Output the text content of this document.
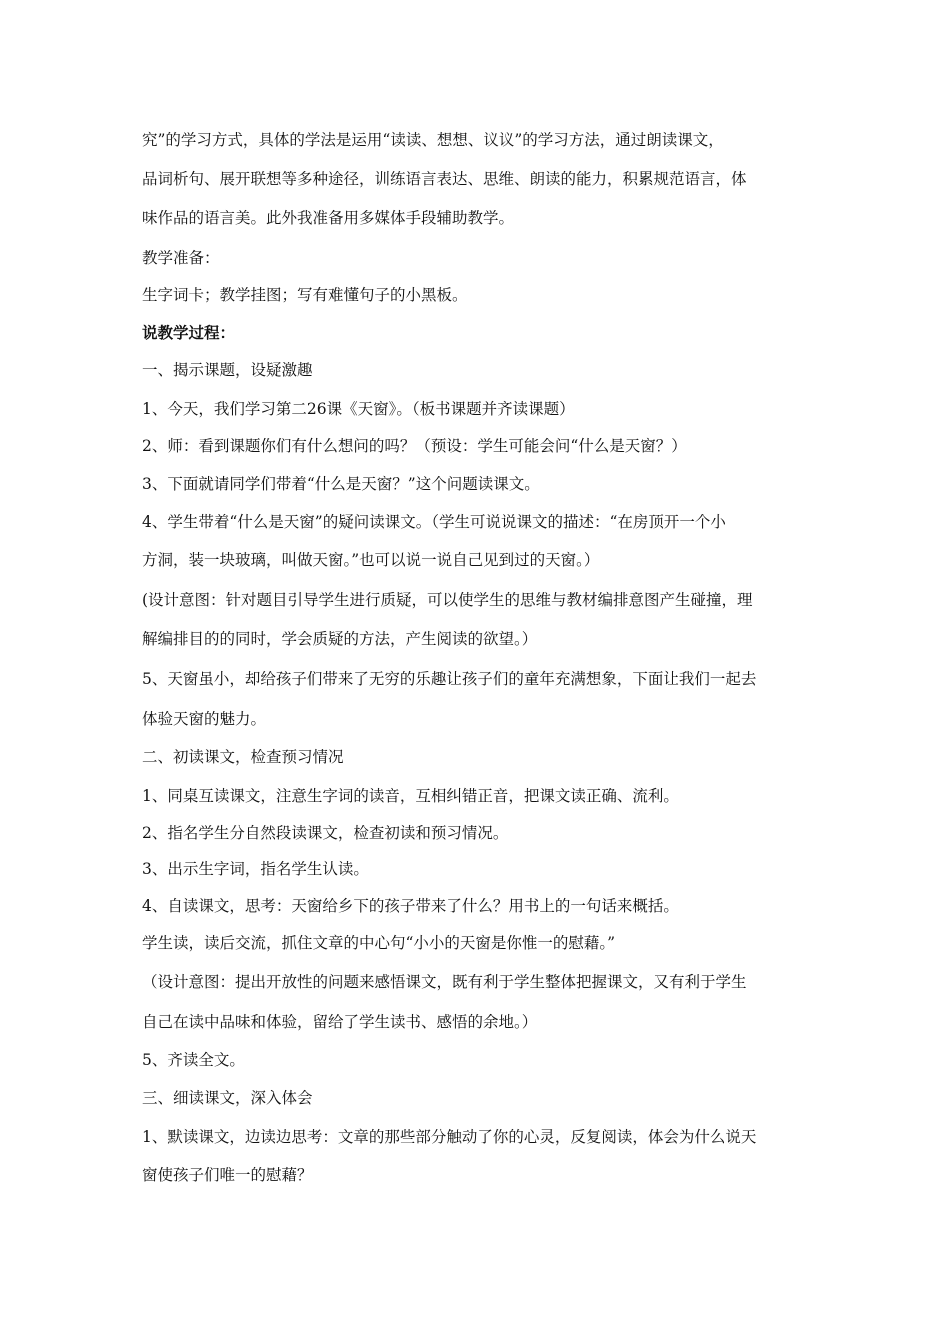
究”的学习方式，具体的学法是运用“读读、想想、议议”的学习方法，通过朗读课文，
品词析句、展开联想等多种途径，训练语言表达、思维、朗读的能力，积累规范语言，体
味作品的语言美。此外我准备用多媒体手段辅助教学。
教学准备：
生字词卡；教学挂图；写有难懂句子的小黑板。
说教学过程：
一、揭示课题，设疑激趣
1、今天，我们学习第二26课《天窗》。（板书课题并齐读课题）
2、师：看到课题你们有什么想问的吗？（预设：学生可能会问“什么是天窗？）
3、下面就请同学们带着“什么是天窗？”这个问题读课文。
4、学生带着“什么是天窗”的疑问读课文。（学生可说说课文的描述：“在房顶开一个小
方洞，装一块玻璃，叫做天窗。”也可以说一说自己见到过的天窗。）
(设计意图：针对题目引导学生进行质疑，可以使学生的思维与教材编排意图产生碰撞，理
解编排目的的同时，学会质疑的方法，产生阅读的欲望。）
5、天窗虽小，却给孩子们带来了无穷的乐趣让孩子们的童年充满想象，下面让我们一起去
体验天窗的魅力。
二、初读课文，检查预习情况
1、同桌互读课文，注意生字词的读音，互相纠错正音，把课文读正确、流利。
2、指名学生分自然段读课文，检查初读和预习情况。
3、出示生字词，指名学生认读。
4、自读课文，思考：天窗给乡下的孩子带来了什么？用书上的一句话来概括。
学生读，读后交流，抓住文章的中心句“小小的天窗是你惟一的慰藉。”
（设计意图：提出开放性的问题来感悟课文，既有利于学生整体把握课文，又有利于学生
自己在读中品味和体验，留给了学生读书、感悟的余地。）
5、齐读全文。
三、细读课文，深入体会
1、默读课文，边读边思考：文章的那些部分触动了你的心灵，反复阅读，体会为什么说天
窗使孩子们唯一的慰藉？
